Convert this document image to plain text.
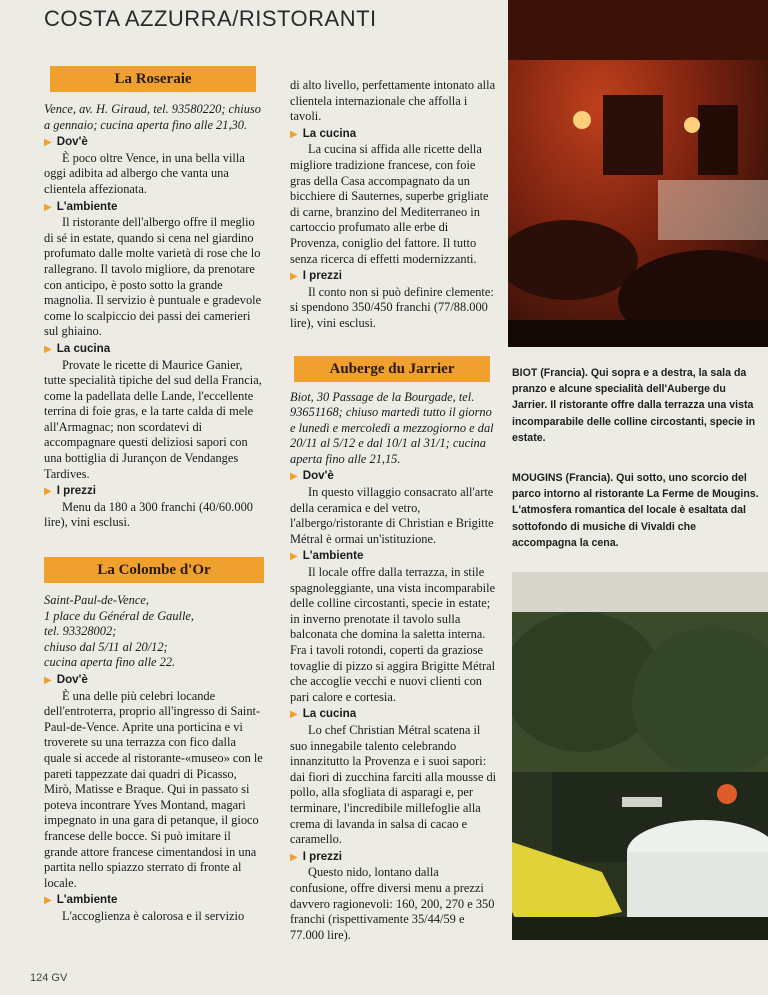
COSTA AZZURRA/RISTORANTI
La Roseraie

Vence, av. H. Giraud, tel. 93580220; chiuso a gennaio; cucina aperta fino alle 21,30.

▶ Dov'è

È poco oltre Vence, in una bella villa oggi adibita ad albergo che vanta una clientela affezionata.

▶ L'ambiente

Il ristorante dell'albergo offre il meglio di sé in estate, quando si cena nel giardino profumato dalle molte varietà di rose che lo rallegrano. Il tavolo migliore, da prenotare con anticipo, è posto sotto la grande magnolia. Il servizio è puntuale e gradevole come lo scalpiccio dei passi dei camerieri sul ghiaino.

▶ La cucina

Provate le ricette di Maurice Ganier, tutte specialità tipiche del sud della Francia, come la padellata delle Lande, l'eccellente terrina di foie gras, e la tarte calda di mele all'Armagnac; non scordatevi di accompagnare questi deliziosi sapori con una bottiglia di Jurançon de Vendanges Tardives.

▶ I prezzi

Menu da 180 a 300 franchi (40/60.000 lire), vini esclusi.

La Colombe d'Or
Saint-Paul-de-Vence,
1 place du Général de Gaulle,
tel. 93328002;
chiuso dal 5/11 al 20/12;
cucina aperta fino alle 22.
▶ Dov'è

È una delle più celebri locande dell'entroterra, proprio all'ingresso di Saint-Paul-de-Vence. Aprite una porticina e vi troverete su una terrazza con fico dalla quale si accede al ristorante-«museo» con le pareti tappezzate dai quadri di Picasso, Mirò, Matisse e Braque. Qui in passato si poteva incontrare Yves Montand, magari impegnato in una gara di petanque, il gioco francese delle bocce. Si può imitare il grande attore francese cimentandosi in una partita nello spiazzo sterrato di fronte al locale.

▶ L'ambiente

L'accoglienza è calorosa e il servizio

di alto livello, perfettamente intonato alla clientela internazionale che affolla i tavoli.

▶ La cucina

La cucina si affida alle ricette della migliore tradizione francese, con foie gras della Casa accompagnato da un bicchiere di Sauternes, superbe grigliate di carne, branzino del Mediterraneo in cartoccio profumato alle erbe di Provenza, coniglio del fattore. Il tutto senza ricerca di effetti modernizzanti.

▶ I prezzi

Il conto non si può definire clemente: si spendono 350/450 franchi (77/88.000 lire), vini esclusi.

Auberge du Jarrier

Biot, 30 Passage de la Bourgade, tel. 93651168; chiuso martedì tutto il giorno e lunedì e mercoledì a mezzogiorno e dal 20/11 al 5/12 e dal 10/1 al 31/1; cucina aperta fino alle 21,15.

▶ Dov'è

In questo villaggio consacrato all'arte della ceramica e del vetro, l'albergo/ristorante di Christian e Brigitte Métral è ormai un'istituzione.

▶ L'ambiente

Il locale offre dalla terrazza, in stile spagnoleggiante, una vista incomparabile delle colline circostanti, specie in estate; in inverno prenotate il tavolo sulla balconata che domina la saletta interna. Fra i tavoli rotondi, coperti da graziose tovaglie di pizzo si aggira Brigitte Métral che accoglie vecchi e nuovi clienti con pari calore e cortesia.

▶ La cucina

Lo chef Christian Métral scatena il suo innegabile talento celebrando innanzitutto la Provenza e i suoi sapori: dai fiori di zucchina farciti alla mousse di pollo, alla sfogliata di asparagi e, per terminare, l'incredibile millefoglie alla crema di lavanda in salsa di cacao e caramello.

▶ I prezzi

Questo nido, lontano dalla confusione, offre diversi menu a prezzi davvero ragionevoli: 160, 200, 270 e 350 franchi (rispettivamente 35/44/59 e 77.000 lire).

BIOT (Francia). Qui sopra e a destra, la sala da pranzo e alcune specialità dell'Auberge du Jarrier. Il ristorante offre dalla terrazza una vista incomparabile delle colline circostanti, specie in estate.
MOUGINS (Francia). Qui sotto, uno scorcio del parco intorno al ristorante La Ferme de Mougins. L'atmosfera romantica del locale è esaltata dal sottofondo di musiche di Vivaldi che accompagna la cena.
124 GV
